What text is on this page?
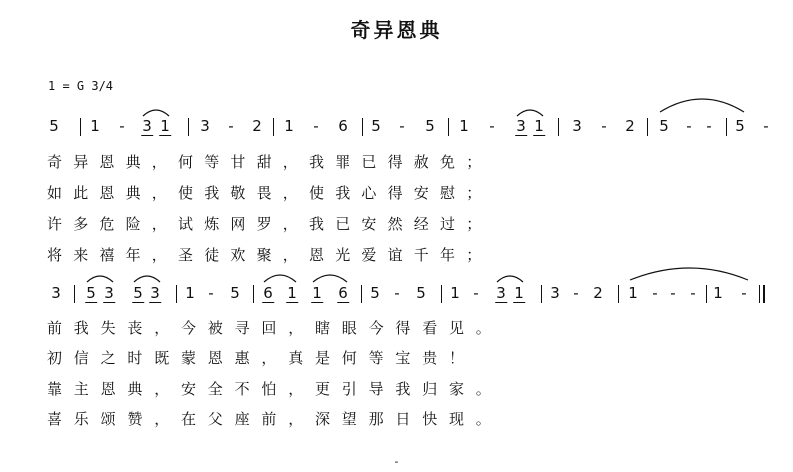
奇异恩典
1 = G 3/4
5 1 - 3 1 3 - 2 1 - 6 5 - 5 1 - 3 1 3 - 2 5 - - 5 -
奇异恩典，何等甘甜，我罪已得赦免；
如此恩典，使我敬畏，使我心得安慰；
许多危险，试炼网罗，我已安然经过；
将来禧年，圣徒欢聚，恩光爱谊千年；
3 5 3 5 3 1 - 5 6 1 1 6 5 - 5 1 - 3 1 3 - 2 1 - - - 1 -
前我失丧，今被寻回，瞎眼今得看见。
初信之时既蒙恩惠，真是何等宝贵！
靠主恩典，安全不怕，更引导我归家。
喜乐颂赞，在父座前，深望那日快现。
-
